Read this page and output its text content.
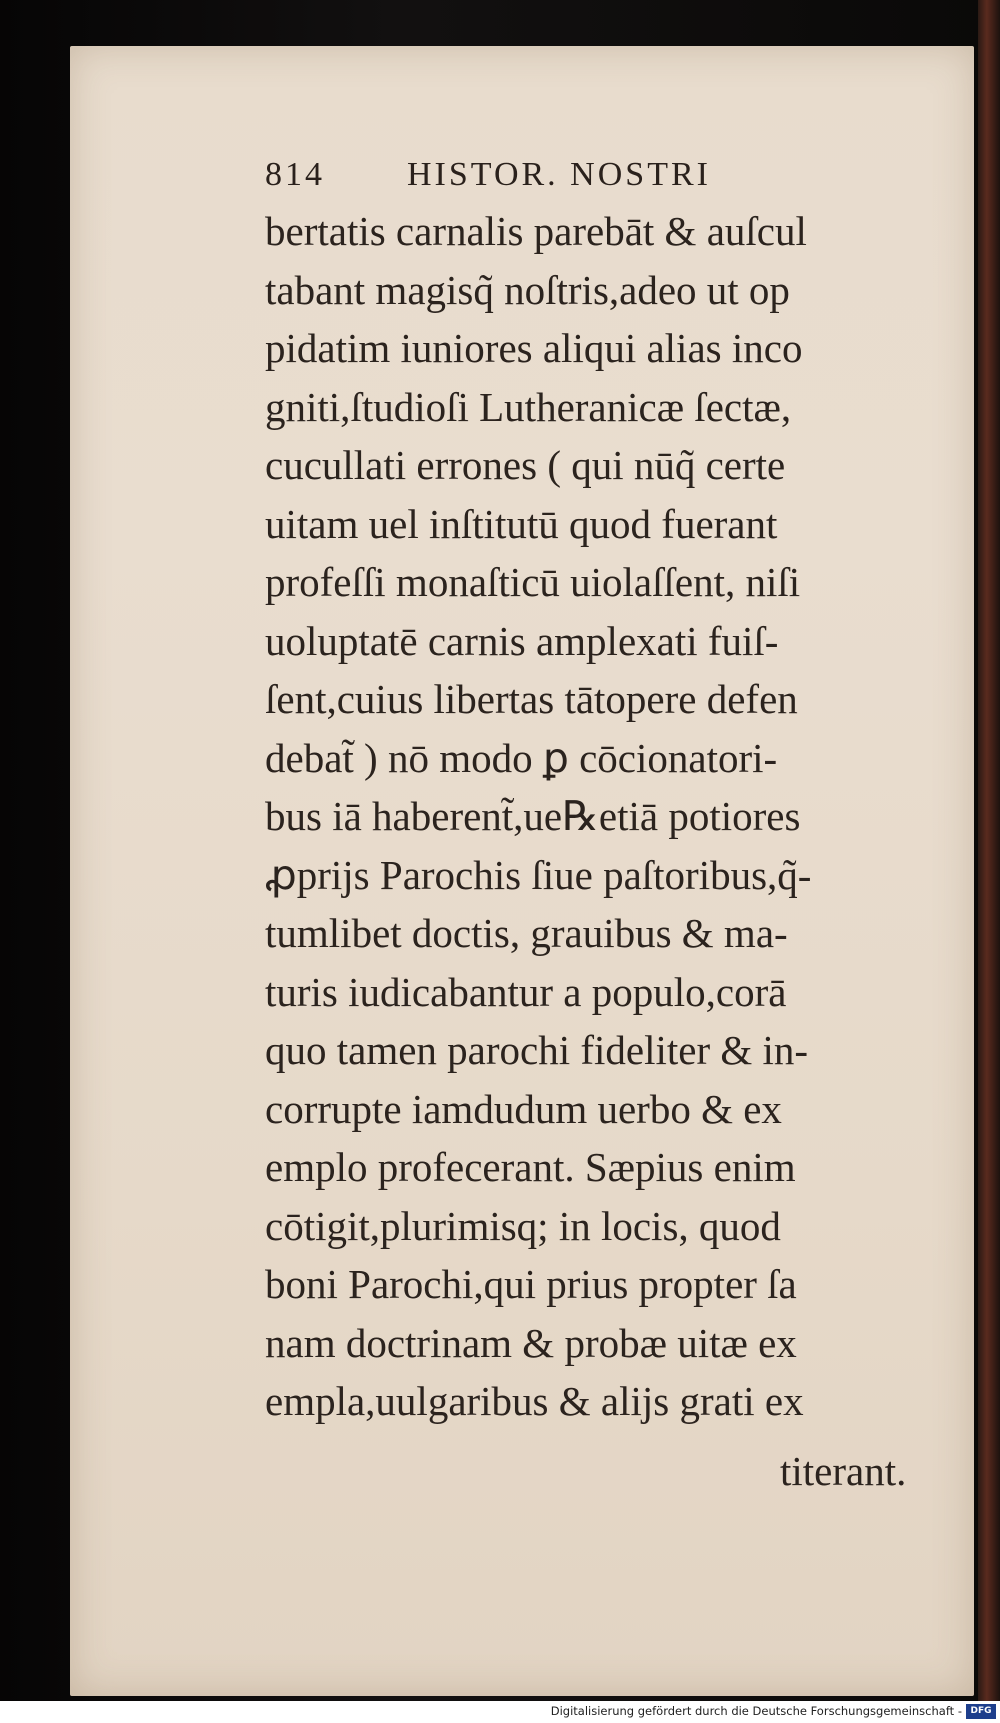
814 HISTOR. NOSTRI
bertatis carnalis parebāt & auſcul
tabant magisq̃ noſtris,adeo ut op
pidatim iuniores aliqui alias inco
gniti,ſtudioſi Lutheranicæ ſectæ,
cucullati errones ( qui nūq̃ certe
uitam uel inſtitutū quod fuerant
profeſſi monaſticū uiolaſſent, niſi
uoluptatē carnis amplexati fuiſ-
ſent,cuius libertas tātopere defen
debat̃ ) nō modo ꝑ cōcionatori-
bus iā haberent̃,ue℞etiā potiores
ꝓprijs Parochis ſiue paſtoribus,q̃-
tumlibet doctis, grauibus & ma-
turis iudicabantur a populo,corā
quo tamen parochi fideliter & in-
corrupte iamdudum uerbo & ex
emplo profecerant. Sæpius enim
cōtigit,plurimisq; in locis, quod
boni Parochi,qui prius propter ſa
nam doctrinam & probæ uitæ ex
empla,uulgaribus & alijs grati ex
titerant.
Digitalisierung gefördert durch die Deutsche Forschungsgemeinschaft - DFG
